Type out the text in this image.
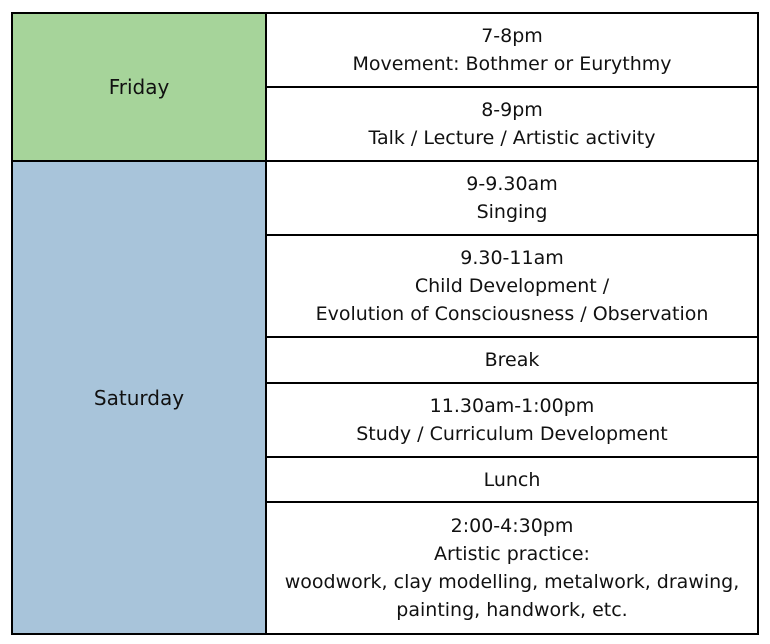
Friday	7-8pm
Movement: Bothmer or Eurythmy

	8-9pm
Talk / Lecture / Artistic activity

Saturday	9-9.30am
Singing

	9.30-11am
Child Development /
Evolution of Consciousness / Observation

	Break

	11.30am-1:00pm
Study / Curriculum Development

	Lunch

	2:00-4:30pm
Artistic practice:
woodwork, clay modelling, metalwork, drawing,
painting, handwork, etc.
